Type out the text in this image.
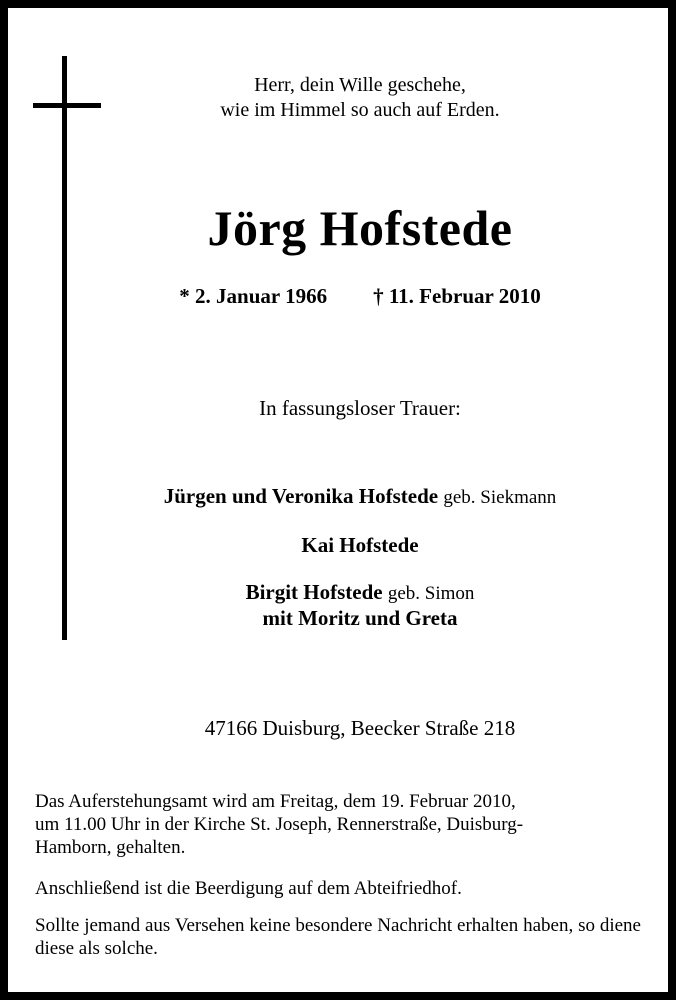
Herr, dein Wille geschehe,
wie im Himmel so auch auf Erden.
Jörg Hofstede
* 2. Januar 1966 † 11. Februar 2010
In fassungsloser Trauer:
Jürgen und Veronika Hofstede geb. Siekmann
Kai Hofstede
Birgit Hofstede geb. Simon
mit Moritz und Greta
47166 Duisburg, Beecker Straße 218
Das Auferstehungsamt wird am Freitag, dem 19. Februar 2010,
um 11.00 Uhr in der Kirche St. Joseph, Rennerstraße, Duisburg-
Hamborn, gehalten.
Anschließend ist die Beerdigung auf dem Abteifriedhof.
Sollte jemand aus Versehen keine besondere Nachricht erhalten haben, so diene diese als solche.
